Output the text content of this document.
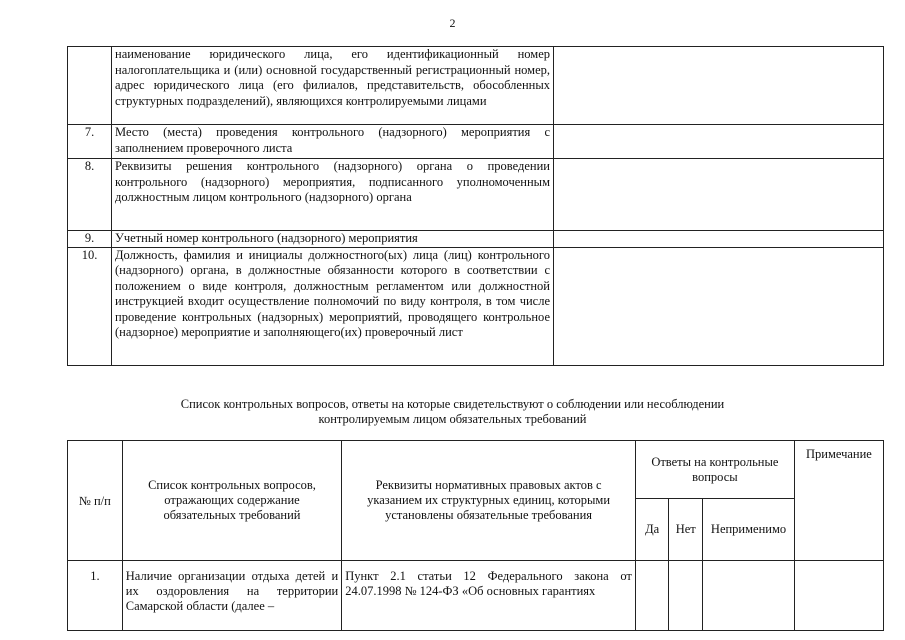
2
	наименование юридического лица, его идентификационный номер налогоплательщика и (или) основной государственный регистрационный номер, адрес юридического лица (его филиалов, представительств, обособленных структурных подразделений), являющихся контролируемыми лицами	
7.	Место (места) проведения контрольного (надзорного) мероприятия с заполнением проверочного листа	
8.	Реквизиты решения контрольного (надзорного) органа о проведении контрольного (надзорного) мероприятия, подписанного уполномоченным должностным лицом контрольного (надзорного) органа	
9.	Учетный номер контрольного (надзорного) мероприятия	
10.	Должность, фамилия и инициалы должностного(ых) лица (лиц) контрольного (надзорного) органа, в должностные обязанности которого в соответствии с положением о виде контроля, должностным регламентом или должностной инструкцией входит осуществление полномочий по виду контроля, в том числе проведение контрольных (надзорных) мероприятий, проводящего контрольное (надзорное) мероприятие и заполняющего(их) проверочный лист	
Список контрольных вопросов, ответы на которые свидетельствуют о соблюдении или несоблюдении
контролируемым лицом обязательных требований
№ п/п	Список контрольных вопросов, отражающих содержание обязательных требований	Реквизиты нормативных правовых актов с указанием их структурных единиц, которыми установлены обязательные требования	Ответы на контрольные вопросы			Примечание
			Да	Нет	Неприменимо	
1.	Наличие организации отдыха детей и их оздоровления на территории Самарской области (далее –	Пункт 2.1 статьи 12 Федерального закона от 24.07.1998 № 124-ФЗ «Об основных гарантиях				
